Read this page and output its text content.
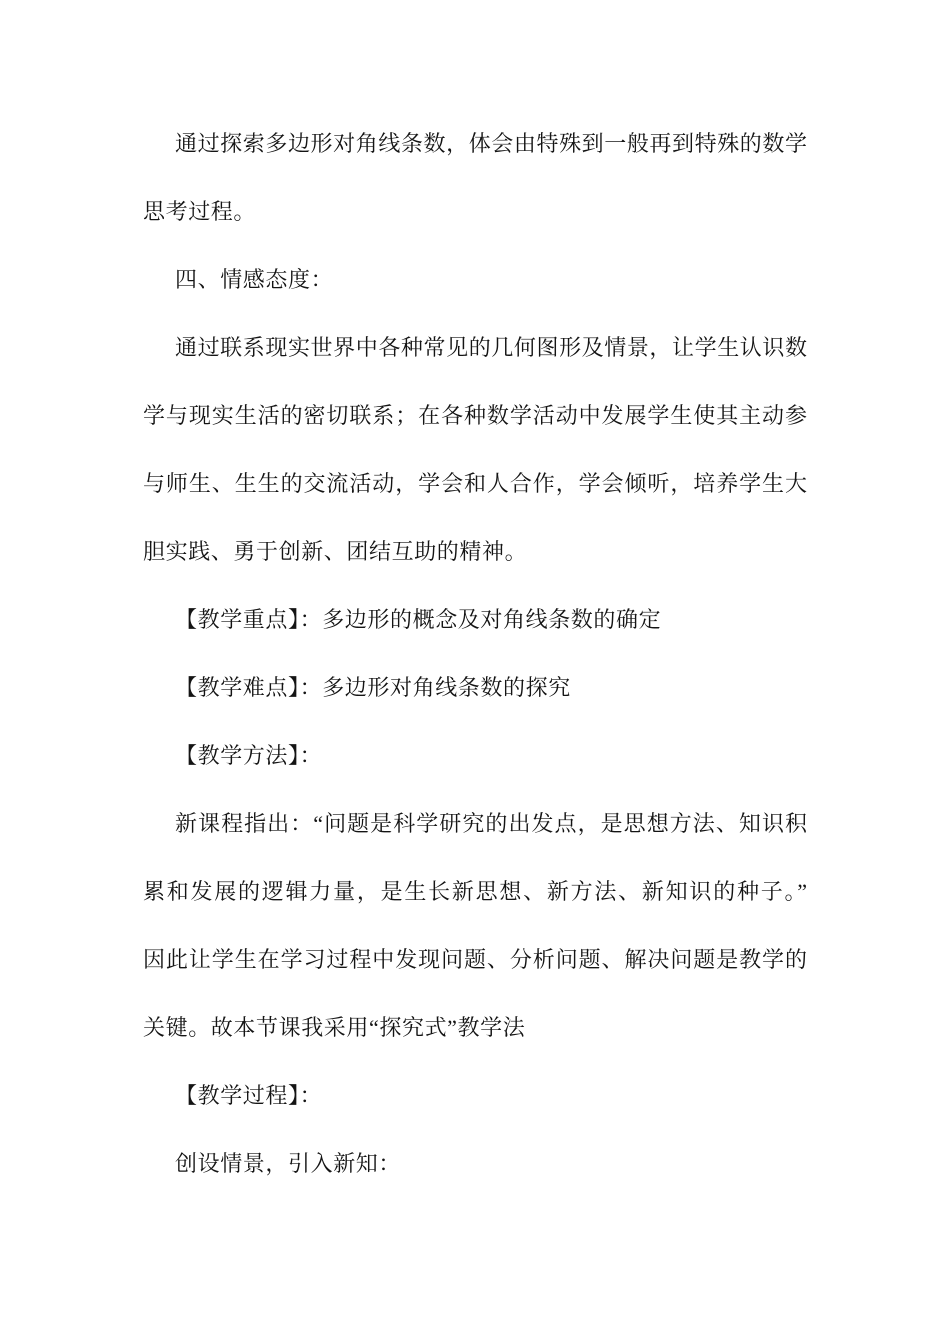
通过探索多边形对角线条数，体会由特殊到一般再到特殊的数学
思考过程。
四、情感态度：
通过联系现实世界中各种常见的几何图形及情景，让学生认识数
学与现实生活的密切联系；在各种数学活动中发展学生使其主动参
与师生、生生的交流活动，学会和人合作，学会倾听，培养学生大
胆实践、勇于创新、团结互助的精神。
【教学重点】：多边形的概念及对角线条数的确定
【教学难点】：多边形对角线条数的探究
【教学方法】：
新课程指出：“问题是科学研究的出发点，是思想方法、知识积
累和发展的逻辑力量，是生长新思想、新方法、新知识的种子。”
因此让学生在学习过程中发现问题、分析问题、解决问题是教学的
关键。故本节课我采用“探究式”教学法
【教学过程】：
创设情景，引入新知：
